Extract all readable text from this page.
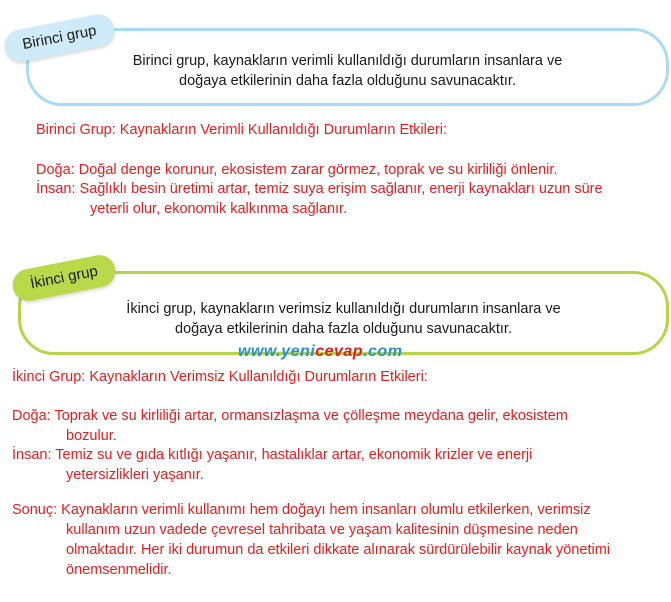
Birinci grup, kaynakların verimli kullanıldığı durumların insanlara ve
doğaya etkilerinin daha fazla olduğunu savunacaktır.
Birinci grup
Birinci Grup: Kaynakların Verimli Kullanıldığı Durumların Etkileri:
Doğa: Doğal denge korunur, ekosistem zarar görmez, toprak ve su kirliliği önlenir.
İnsan: Sağlıklı besin üretimi artar, temiz suya erişim sağlanır, enerji kaynakları uzun süre
yeterli olur, ekonomik kalkınma sağlanır.
İkinci grup, kaynakların verimsiz kullanıldığı durumların insanlara ve
doğaya etkilerinin daha fazla olduğunu savunacaktır.
İkinci grup
www.yenicevap.com
İkinci Grup: Kaynakların Verimsiz Kullanıldığı Durumların Etkileri:
Doğa: Toprak ve su kirliliği artar, ormansızlaşma ve çölleşme meydana gelir, ekosistem
bozulur.
İnsan: Temiz su ve gıda kıtlığı yaşanır, hastalıklar artar, ekonomik krizler ve enerji
yetersizlikleri yaşanır.
Sonuç: Kaynakların verimli kullanımı hem doğayı hem insanları olumlu etkilerken, verimsiz
kullanım uzun vadede çevresel tahribata ve yaşam kalitesinin düşmesine neden
olmaktadır. Her iki durumun da etkileri dikkate alınarak sürdürülebilir kaynak yönetimi
önemsenmelidir.
